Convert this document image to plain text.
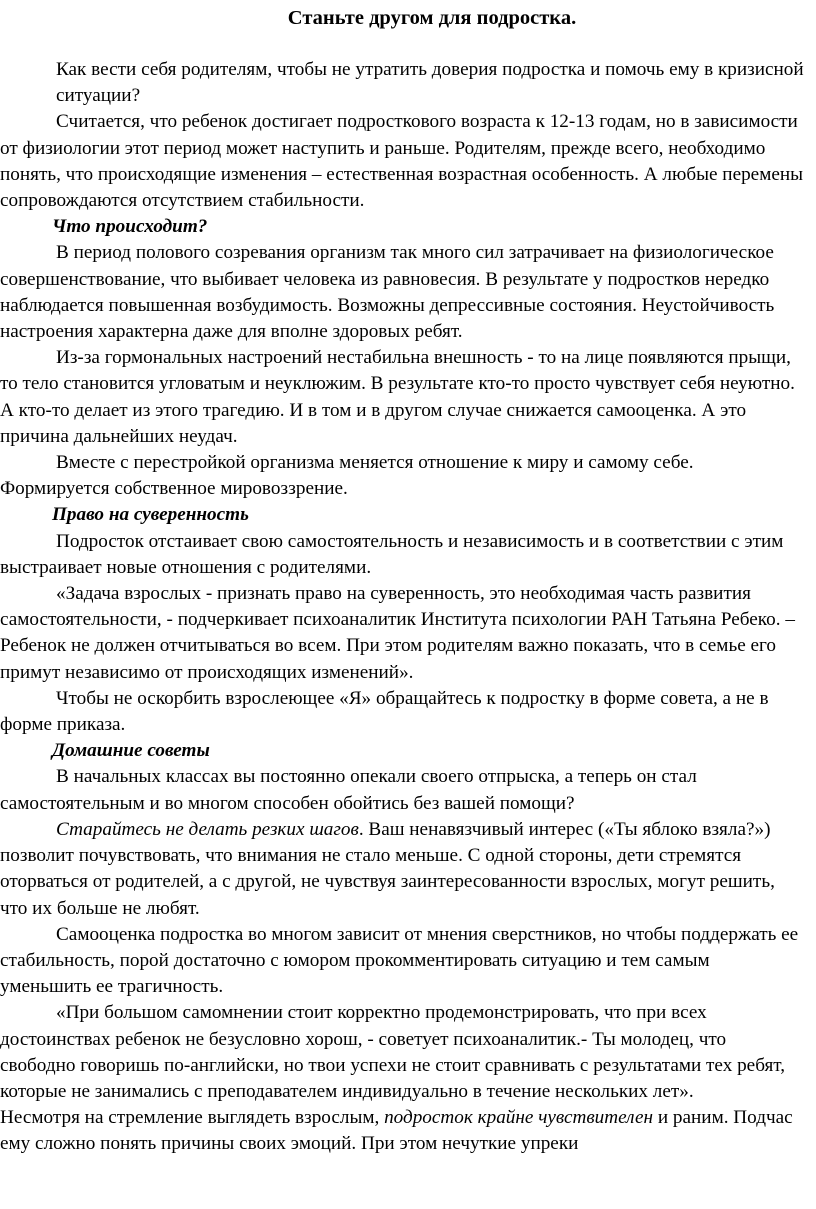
Станьте другом для подростка.

Как вести себя родителям, чтобы не утратить доверия подростка и помочь ему в кризисной ситуации?

Считается, что ребенок достигает подросткового возраста к 12-13 годам, но в зависимости от физиологии этот период может наступить и раньше. Родителям, прежде всего, необходимо понять, что происходящие изменения – естественная возрастная особенность. А любые перемены сопровождаются отсутствием стабильности.

Что происходит?

В период полового созревания организм так много сил затрачивает на физиологическое совершенствование, что выбивает человека из равновесия. В результате у подростков нередко наблюдается повышенная возбудимость. Возможны депрессивные состояния. Неустойчивость настроения характерна даже для вполне здоровых ребят.

Из-за гормональных настроений нестабильна внешность - то на лице появляются прыщи, то тело становится угловатым и неуклюжим. В результате кто-то просто чувствует себя неуютно. А кто-то делает из этого трагедию. И в том и в другом случае снижается самооценка. А это причина дальнейших неудач.

Вместе с перестройкой организма меняется отношение к миру и самому себе. Формируется собственное мировоззрение.

Право на суверенность

Подросток отстаивает свою самостоятельность и независимость и в соответствии с этим выстраивает новые отношения с родителями.

«Задача взрослых - признать право на суверенность, это необходимая часть развития самостоятельности, - подчеркивает психоаналитик Института психологии РАН Татьяна Ребеко. – Ребенок не должен отчитываться во всем. При этом родителям важно показать, что в семье его примут независимо от происходящих изменений».

Чтобы не оскорбить взрослеющее «Я» обращайтесь к подростку в форме совета, а не в форме приказа.

Домашние советы

В начальных классах вы постоянно опекали своего отпрыска, а теперь он стал самостоятельным и во многом способен обойтись без вашей помощи?

Старайтесь не делать резких шагов. Ваш ненавязчивый интерес («Ты яблоко взяла?») позволит почувствовать, что внимания не стало меньше. С одной стороны, дети стремятся оторваться от родителей, а с другой, не чувствуя заинтересованности взрослых, могут решить, что их больше не любят.

Самооценка подростка во многом зависит от мнения сверстников, но чтобы поддержать ее стабильность, порой достаточно с юмором прокомментировать ситуацию и тем самым уменьшить ее трагичность.

«При большом самомнении стоит корректно продемонстрировать, что при всех достоинствах ребенок не безусловно хорош, - советует психоаналитик.- Ты молодец, что свободно говоришь по-английски, но твои успехи не стоит сравнивать с результатами тех ребят, которые не занимались с преподавателем индивидуально в течение нескольких лет».

Несмотря на стремление выглядеть взрослым, подросток крайне чувствителен и раним. Подчас ему сложно понять причины своих эмоций. При этом нечуткие упреки
